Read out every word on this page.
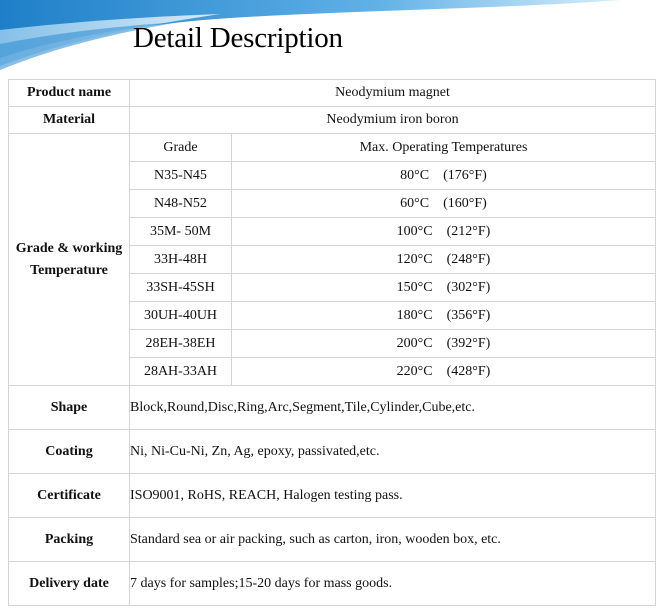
Detail Description
Product name	Neodymium magnet
Material	Neodymium iron boron

Grade & working
Temperature

Grade	Max. Operating Temperatures
N35-N45	80°C (176°F)
N48-N52	60°C (160°F)
35M- 50M	100°C (212°F)
33H-48H	120°C (248°F)
33SH-45SH	150°C (302°F)
30UH-40UH	180°C (356°F)
28EH-38EH	200°C (392°F)
28AH-33AH	220°C (428°F)

Shape	Block,Round,Disc,Ring,Arc,Segment,Tile,Cylinder,Cube,etc.
Coating	Ni, Ni-Cu-Ni, Zn, Ag, epoxy, passivated,etc.
Certificate	ISO9001, RoHS, REACH, Halogen testing pass.
Packing	Standard sea or air packing, such as carton, iron, wooden box, etc.
Delivery date	7 days for samples;15-20 days for mass goods.
